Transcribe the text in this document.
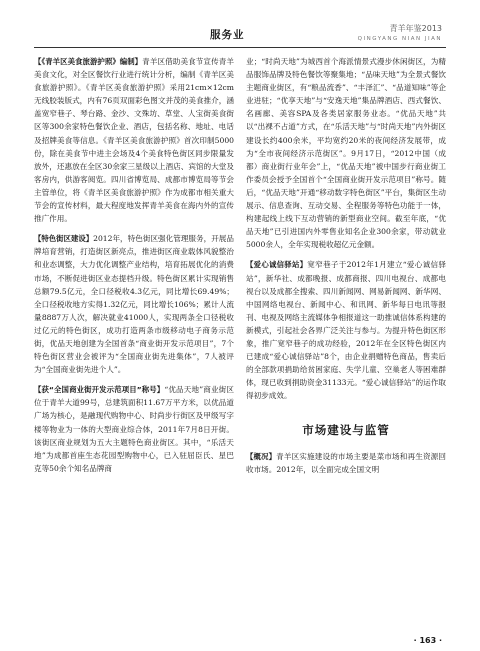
服务业
青羊年鉴2013
QINGYANG NIAN JIAN

【《青羊区美食旅游护照》编制】青羊区借助美食节宣传青羊美食文化，对全区餐饮行业进行统计分析，编制《青羊区美食旅游护照》。《青羊区美食旅游护照》采用21cm×12cm无线胶装版式，内有76页双面彩色图文并茂的美食推介，涵盖宽窄巷子、琴台路、金沙、文殊坊、草堂、人宝街美食街区等300余家特色餐饮企业、酒店，包括名称、地址、电话及招牌美食等信息。《青羊区美食旅游护照》首次印制5000份，除在美食节中进主会场及4个美食特色街区同步限量发放外，还惠放在全区30余家三星级以上酒店、宾馆的大堂及客房内，供游客阅览。四川省博览局、成都市博览局等节会主管单位，将《青羊区美食旅游护照》作为成都市相关重大节会的宣传材料，最大程度地发挥青羊美食在海内外的宣传推广作用。

【特色街区建设】2012年，特色街区强化管理服务，开展品牌培育营销，打造街区新亮点，推进街区商业载体风貌整治和业态调整，大力优化调整产业结构，培育拓展优化的消费市场，不断促进街区业态提档升级。特色街区累计实现销售总额79.5亿元，全口径税收4.3亿元，同比增长69.49%；全口径税收地方实得1.32亿元，同比增长106%；累计人流量8887万人次，解决就业41000人，实现两条全口径税收过亿元的特色街区，成功打造两条市级移动电子商务示范街，优品天地创建为全国首条“商业街开发示范项目”，7个特色街区营业会被评为“全国商业街先进集体”，7人被评为“全国商业街先进个人”。

【获“全国商业街开发示范项目”称号】“优品天地”商业街区位于青羊大道99号，总建筑面积11.67万平方米，以优品道广场为核心，是融现代购物中心、时尚步行街区及甲级写字楼等物业为一体的大型商业综合体，2011年7月8日开街。该街区商业规划为五大主题特色商业街区。其中，“乐活天地”为成都首座生态花园型购物中心，已入驻屈臣氏、星巴克等50余个知名品牌商

业；“时尚天地”为城西首个海派情景式漫步休闲街区，为精品服饰品牌及特色餐饮等聚集地；“品味天地”为全景式餐饮主题商业街区，有“粮品流香”、“丰泽汇”、“品道知味”等企业进驻；“优享天地”与“安逸天地”集品牌酒店、西式餐饮、名画廊、美容SPA及各类居家服务业态。“优品天地”共以“出裸不占道”方式，在“乐活天地”与“时尚天地”内外街区建设长约400余米，平均宽约20米的夜间经济发展带，成为“全市夜间经济示范街区”。9月17日，“2012中国（成都）商业街行业年会”上，“优品天地”被中国步行商业街工作委员会授予全国首个“全国商业街开发示范项目”称号。随后，“优品天地”开通“移动数字特色街区”平台，集街区生动展示、信息查询、互动交易、全程服务等特色功能于一体，构建起线上线下互动营销的新型商业空间。截至年底，“优品天地”已引进国内外零售业知名企业300余家，带动就业5000余人，全年实现税收超亿元金额。

【爱心诚信驿站】宽窄巷子于2012年1月建立“爱心诚信驿站”，新华社、成都晚报、成都商报、四川电视台、成都电视台以及成都全搜索、四川新闻网、网易新闻网、新华网、中国网络电视台、新闻中心、和讯网、新华每日电讯等报刊、电视及网络主流媒体争相报道这一助推诚信体系构建的新模式，引起社会各界广泛关注与参与。为提升特色街区形象，推广宽窄巷子的成功经验，2012年在全区特色街区内已建成“爱心诚信驿站”8个，由企业捐赠特色商品，售卖后的全部款项捐助给贫困家庭、失学儿童、空巢老人等困难群体，现已收到捐助资金31133元。“爱心诚信驿站”的运作取得初步成效。

市场建设与监管

【概况】青羊区实施建设的市场主要是菜市场和再生资源回收市场。2012年，以全面完成全国文明

· 163 ·
